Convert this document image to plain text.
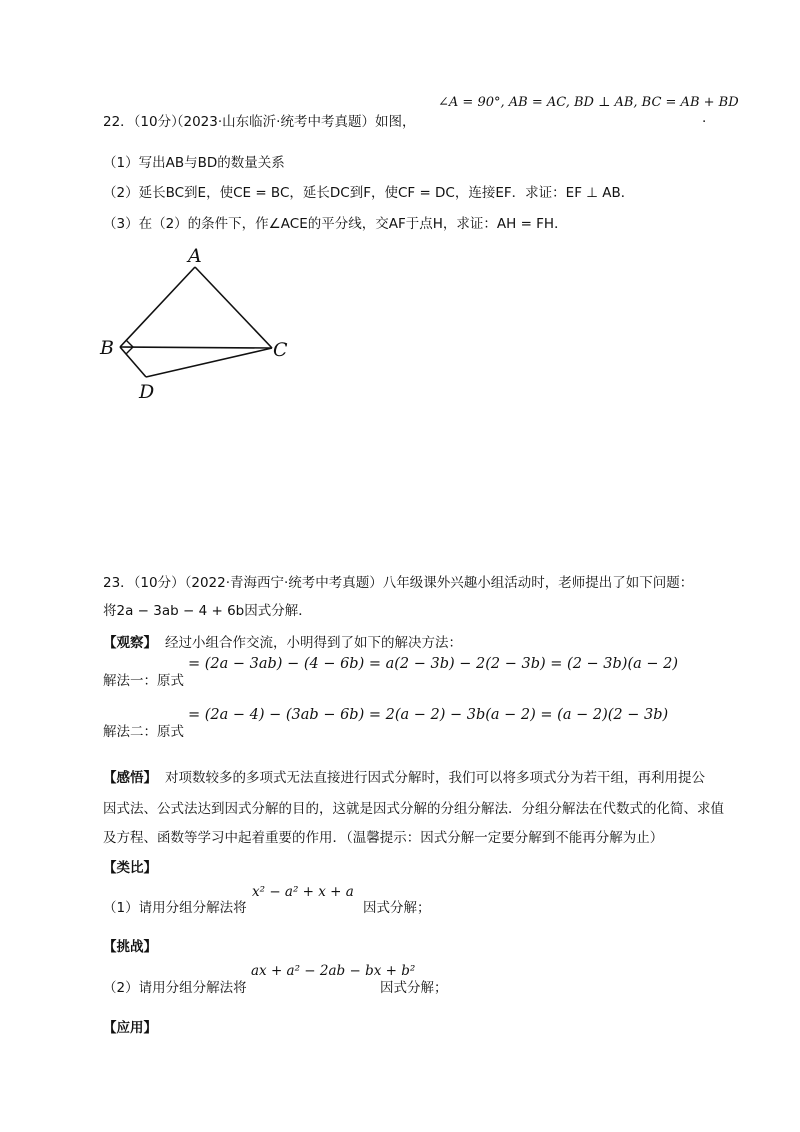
22．（10分）
（2023·山东临沂·统考中考真题）如图，
∠A = 90°, AB = AC, BD ⊥ AB, BC = AB + BD
.
（1）写出AB与BD的数量关系
（2）延长BC到E，使CE = BC，延长DC到F，使CF = DC，连接EF．求证：EF ⊥ AB．
（3）在（2）的条件下，作∠ACE的平分线，交AF于点H，求证：AH = FH．
A
B	C
D
23．（10分）（2022·青海西宁·统考中考真题）八年级课外兴趣小组活动时，老师提出了如下问题：
将2a − 3ab − 4 + 6b因式分解．
【观察】 经过小组合作交流，小明得到了如下的解决方法：
解法一：原式
= (2a − 3ab) − (4 − 6b) = a(2 − 3b) − 2(2 − 3b) = (2 − 3b)(a − 2)
解法二：原式
= (2a − 4) − (3ab − 6b) = 2(a − 2) − 3b(a − 2) = (a − 2)(2 − 3b)
【感悟】 对项数较多的多项式无法直接进行因式分解时，我们可以将多项式分为若干组，再利用提公
因式法、公式法达到因式分解的目的，这就是因式分解的分组分解法．分组分解法在代数式的化简、求值
及方程、函数等学习中起着重要的作用．（温馨提示：因式分解一定要分解到不能再分解为止）
【类比】
（1）请用分组分解法将
x² − a² + x + a
因式分解；
【挑战】
（2）请用分组分解法将
ax + a² − 2ab − bx + b²
因式分解；
【应用】
